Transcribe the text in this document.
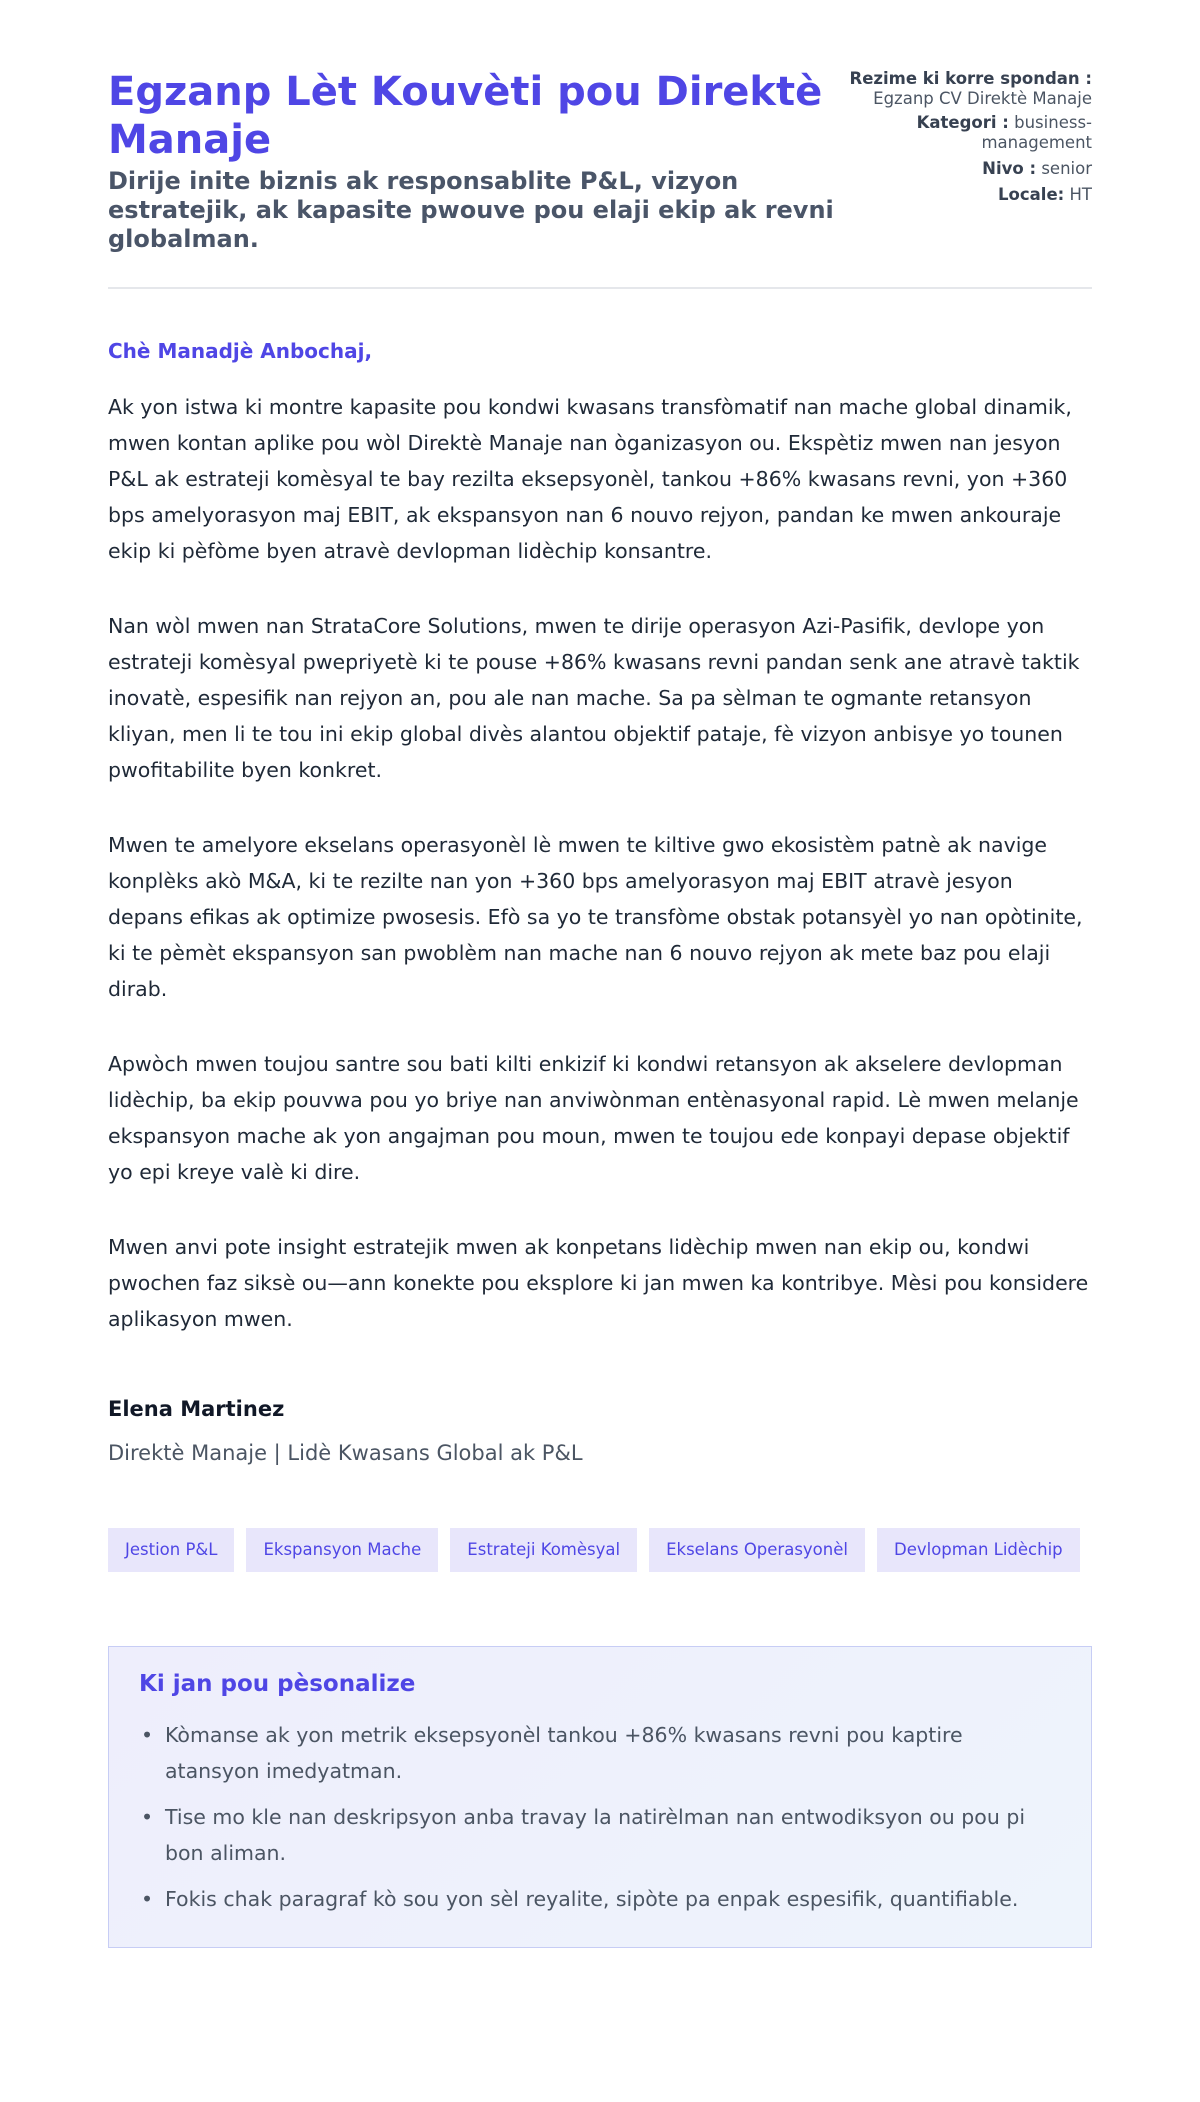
Egzanp Lèt Kouvèti pou Direktè Manaje
Dirije inite biznis ak responsablite P&L, vizyon estratejik, ak kapasite pwouve pou elaji ekip ak revni globalman.
Rezime ki korre spondan : Egzanp CV Direktè Manaje
Kategori : business-management
Nivo : senior
Locale: HT
Chè Manadjè Anbochaj,

Ak yon istwa ki montre kapasite pou kondwi kwasans transfòmatif nan mache global dinamik, mwen kontan aplike pou wòl Direktè Manaje nan òganizasyon ou. Ekspètiz mwen nan jesyon P&L ak estrateji komèsyal te bay rezilta eksepsyonèl, tankou +86% kwasans revni, yon +360 bps amelyorasyon maj EBIT, ak ekspansyon nan 6 nouvo rejyon, pandan ke mwen ankouraje ekip ki pèfòme byen atravè devlopman lidèchip konsantre.

Nan wòl mwen nan StrataCore Solutions, mwen te dirije operasyon Azi-Pasifik, devlope yon estrateji komèsyal pwepriyetè ki te pouse +86% kwasans revni pandan senk ane atravè taktik inovatè, espesifik nan rejyon an, pou ale nan mache. Sa pa sèlman te ogmante retansyon kliyan, men li te tou ini ekip global divès alantou objektif pataje, fè vizyon anbisye yo tounen pwofitabilite byen konkret.

Mwen te amelyore ekselans operasyonèl lè mwen te kiltive gwo ekosistèm patnè ak navige konplèks akò M&A, ki te rezilte nan yon +360 bps amelyorasyon maj EBIT atravè jesyon depans efikas ak optimize pwosesis. Efò sa yo te transfòme obstak potansyèl yo nan opòtinite, ki te pèmèt ekspansyon san pwoblèm nan mache nan 6 nouvo rejyon ak mete baz pou elaji dirab.

Apwòch mwen toujou santre sou bati kilti enkizif ki kondwi retansyon ak akselere devlopman lidèchip, ba ekip pouvwa pou yo briye nan anviwònman entènasyonal rapid. Lè mwen melanje ekspansyon mache ak yon angajman pou moun, mwen te toujou ede konpayi depase objektif yo epi kreye valè ki dire.

Mwen anvi pote insight estratejik mwen ak konpetans lidèchip mwen nan ekip ou, kondwi pwochen faz siksè ou—ann konekte pou eksplore ki jan mwen ka kontribye. Mèsi pou konsidere aplikasyon mwen.

Elena Martinez
Direktè Manaje | Lidè Kwasans Global ak P&L
Jestion P&L	Ekspansyon Mache	Estrateji Komèsyal	Ekselans Operasyonèl	Devlopman Lidèchip
Ki jan pou pèsonalize
• Kòmanse ak yon metrik eksepsyonèl tankou +86% kwasans revni pou kaptire atansyon imedyatman.
• Tise mo kle nan deskripsyon anba travay la natirèlman nan entwodiksyon ou pou pi bon aliman.
• Fokis chak paragraf kò sou yon sèl reyalite, sipòte pa enpak espesifik, quantifiable.
